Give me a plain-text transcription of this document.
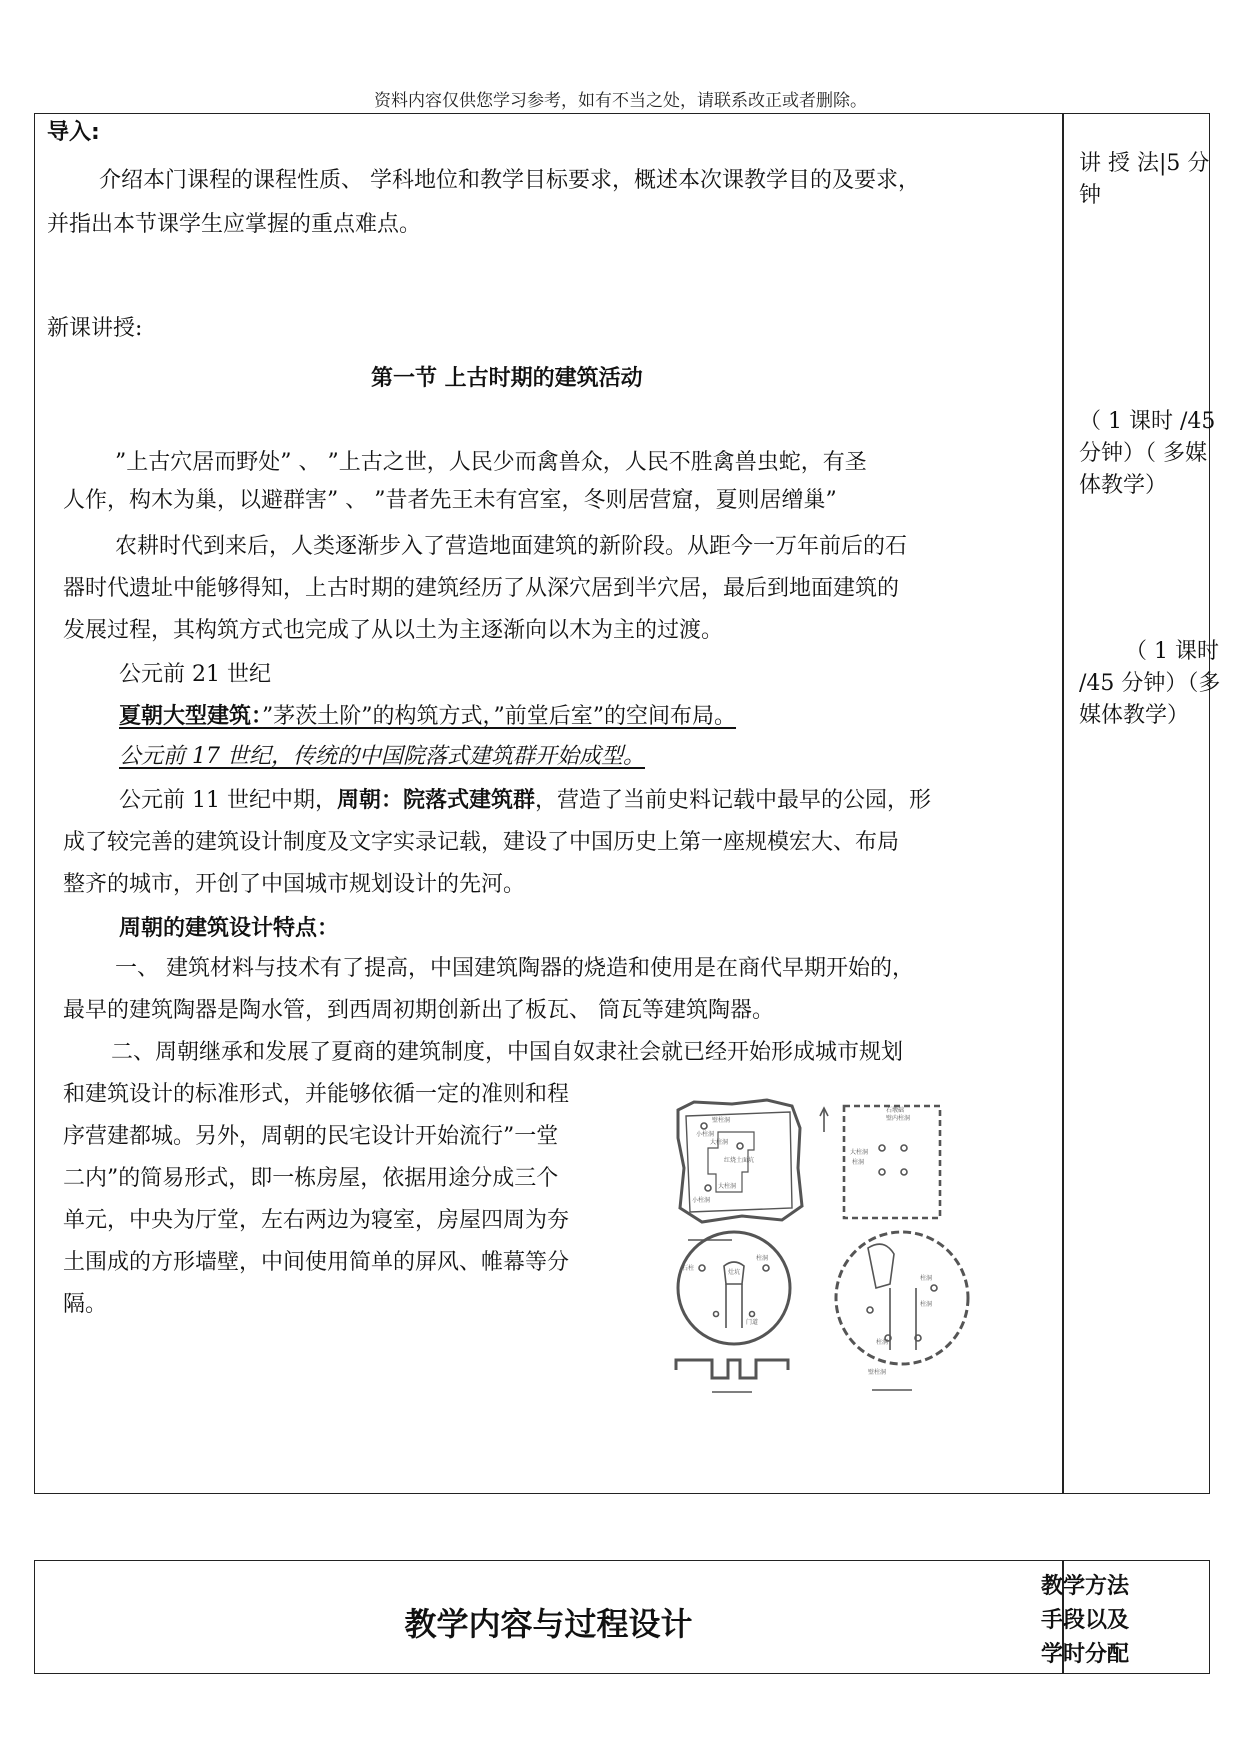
资料内容仅供您学习参考，如有不当之处，请联系改正或者删除。
导入:
介绍本门课程的课程性质、 学科地位和教学目标要求，概述本次课教学目的及要求，
并指出本节课学生应掌握的重点难点。
新课讲授:
第一节 上古时期的建筑活动
”上古穴居而野处” 、 ”上古之世，人民少而禽兽众，人民不胜禽兽虫蛇，有圣
人作，构木为巢，以避群害” 、 ”昔者先王未有宫室，冬则居营窟，夏则居缯巢”
农耕时代到来后，人类逐渐步入了营造地面建筑的新阶段。从距今一万年前后的石
器时代遗址中能够得知，上古时期的建筑经历了从深穴居到半穴居，最后到地面建筑的
发展过程，其构筑方式也完成了从以土为主逐渐向以木为主的过渡。
公元前 21 世纪
夏朝大型建筑：”茅茨土阶”的构筑方式，”前堂后室”的空间布局。
公元前 17 世纪，传统的中国院落式建筑群开始成型。
公元前 11 世纪中期，周朝：院落式建筑群，营造了当前史料记载中最早的公园，形
成了较完善的建筑设计制度及文字实录记载，建设了中国历史上第一座规模宏大、布局
整齐的城市，开创了中国城市规划设计的先河。
周朝的建筑设计特点：
一、 建筑材料与技术有了提高，中国建筑陶器的烧造和使用是在商代早期开始的，
最早的建筑陶器是陶水管，到西周初期创新出了板瓦、 筒瓦等建筑陶器。
二、周朝继承和发展了夏商的建筑制度，中国自奴隶社会就已经开始形成城市规划
和建筑设计的标准形式，并能够依循一定的准则和程
序营建都城。另外，周朝的民宅设计开始流行”一堂
二内”的简易形式，即一栋房屋，依据用途分成三个
单元，中央为厅堂，左右两边为寝室，房屋四周为夯
土围成的方形墙壁，中间使用简单的屏风、帷幕等分
隔。
讲 授 法|5 分
钟
（ 1 课时 /45
分钟）（ 多媒
体教学）
（ 1 课时
/45 分钟）（多
媒体教学）
壁柱洞
小柱洞
大柱洞
红烧土面坑
大柱洞
小柱洞
石墩础
壁内柱洞
大柱洞
柱洞
石柱
柱洞
灶坑
门道
柱洞
柱洞
柱洞
壁柱洞
教学内容与过程设计
教学方法
手段以及
学时分配
